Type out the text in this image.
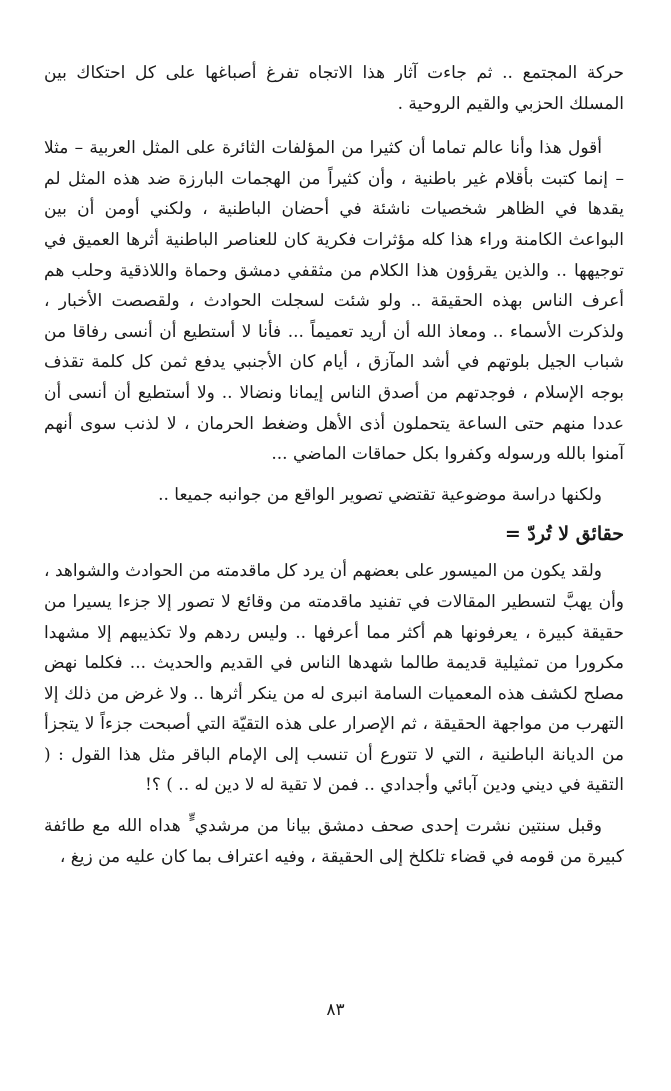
حركة المجتمع .. ثم جاءت آثار هذا الاتجاه تفرغ أصباغها على كل احتكاك بين المسلك الحزبي والقيم الروحية .

أقول هذا وأنا عالم تماما أن كثيرا من المؤلفات الثائرة على المثل العربية – مثلا – إنما كتبت بأقلام غير باطنية ، وأن كثيراً من الهجمات البارزة ضد هذه المثل لم يقدها في الظاهر شخصيات ناشئة في أحضان الباطنية ، ولكني أومن أن بين البواعث الكامنة وراء هذا كله مؤثرات فكرية كان للعناصر الباطنية أثرها العميق في توجيهها .. والذين يقرؤون هذا الكلام من مثقفي دمشق وحماة واللاذقية وحلب هم أعرف الناس بهذه الحقيقة .. ولو شئت لسجلت الحوادث ، ولقصصت الأخبار ، ولذكرت الأسماء .. ومعاذ الله أن أريد تعميماً ... فأنا لا أستطيع أن أنسى رفاقا من شباب الجيل بلوتهم في أشد المآزق ، أيام كان الأجنبي يدفع ثمن كل كلمة تقذف بوجه الإسلام ، فوجدتهم من أصدق الناس إيمانا ونضالا .. ولا أستطيع أن أنسى أن عددا منهم حتى الساعة يتحملون أذى الأهل وضغط الحرمان ، لا لذنب سوى أنهم آمنوا بالله ورسوله وكفروا بكل حماقات الماضي ...

ولكنها دراسة موضوعية تقتضي تصوير الواقع من جوانبه جميعا ..

حقائق لا تُردّ =

ولقد يكون من الميسور على بعضهم أن يرد كل ماقدمته من الحوادث والشواهد ، وأن يهبَّ لتسطير المقالات في تفنيد ماقدمته من وقائع لا تصور إلا جزءا يسيرا من حقيقة كبيرة ، يعرفونها هم أكثر مما أعرفها .. وليس ردهم ولا تكذيبهم إلا مشهدا مكرورا من تمثيلية قديمة طالما شهدها الناس في القديم والحديث ... فكلما نهض مصلح لكشف هذه المعميات السامة انبرى له من ينكر أثرها .. ولا غرض من ذلك إلا التهرب من مواجهة الحقيقة ، ثم الإصرار على هذه التقيّة التي أصبحت جزءاً لا يتجزأ من الديانة الباطنية ، التي لا تتورع أن تنسب إلى الإمام الباقر مثل هذا القول : ( التقية في ديني ودين آبائي وأجدادي .. فمن لا تقية له لا دين له .. ) ؟!

وقبل سنتين نشرت إحدى صحف دمشق بيانا من مرشدي ٍّ هداه الله مع طائفة كبيرة من قومه في قضاء تلكلخ إلى الحقيقة ، وفيه اعتراف بما كان عليه من زيغ ،

٨٣
